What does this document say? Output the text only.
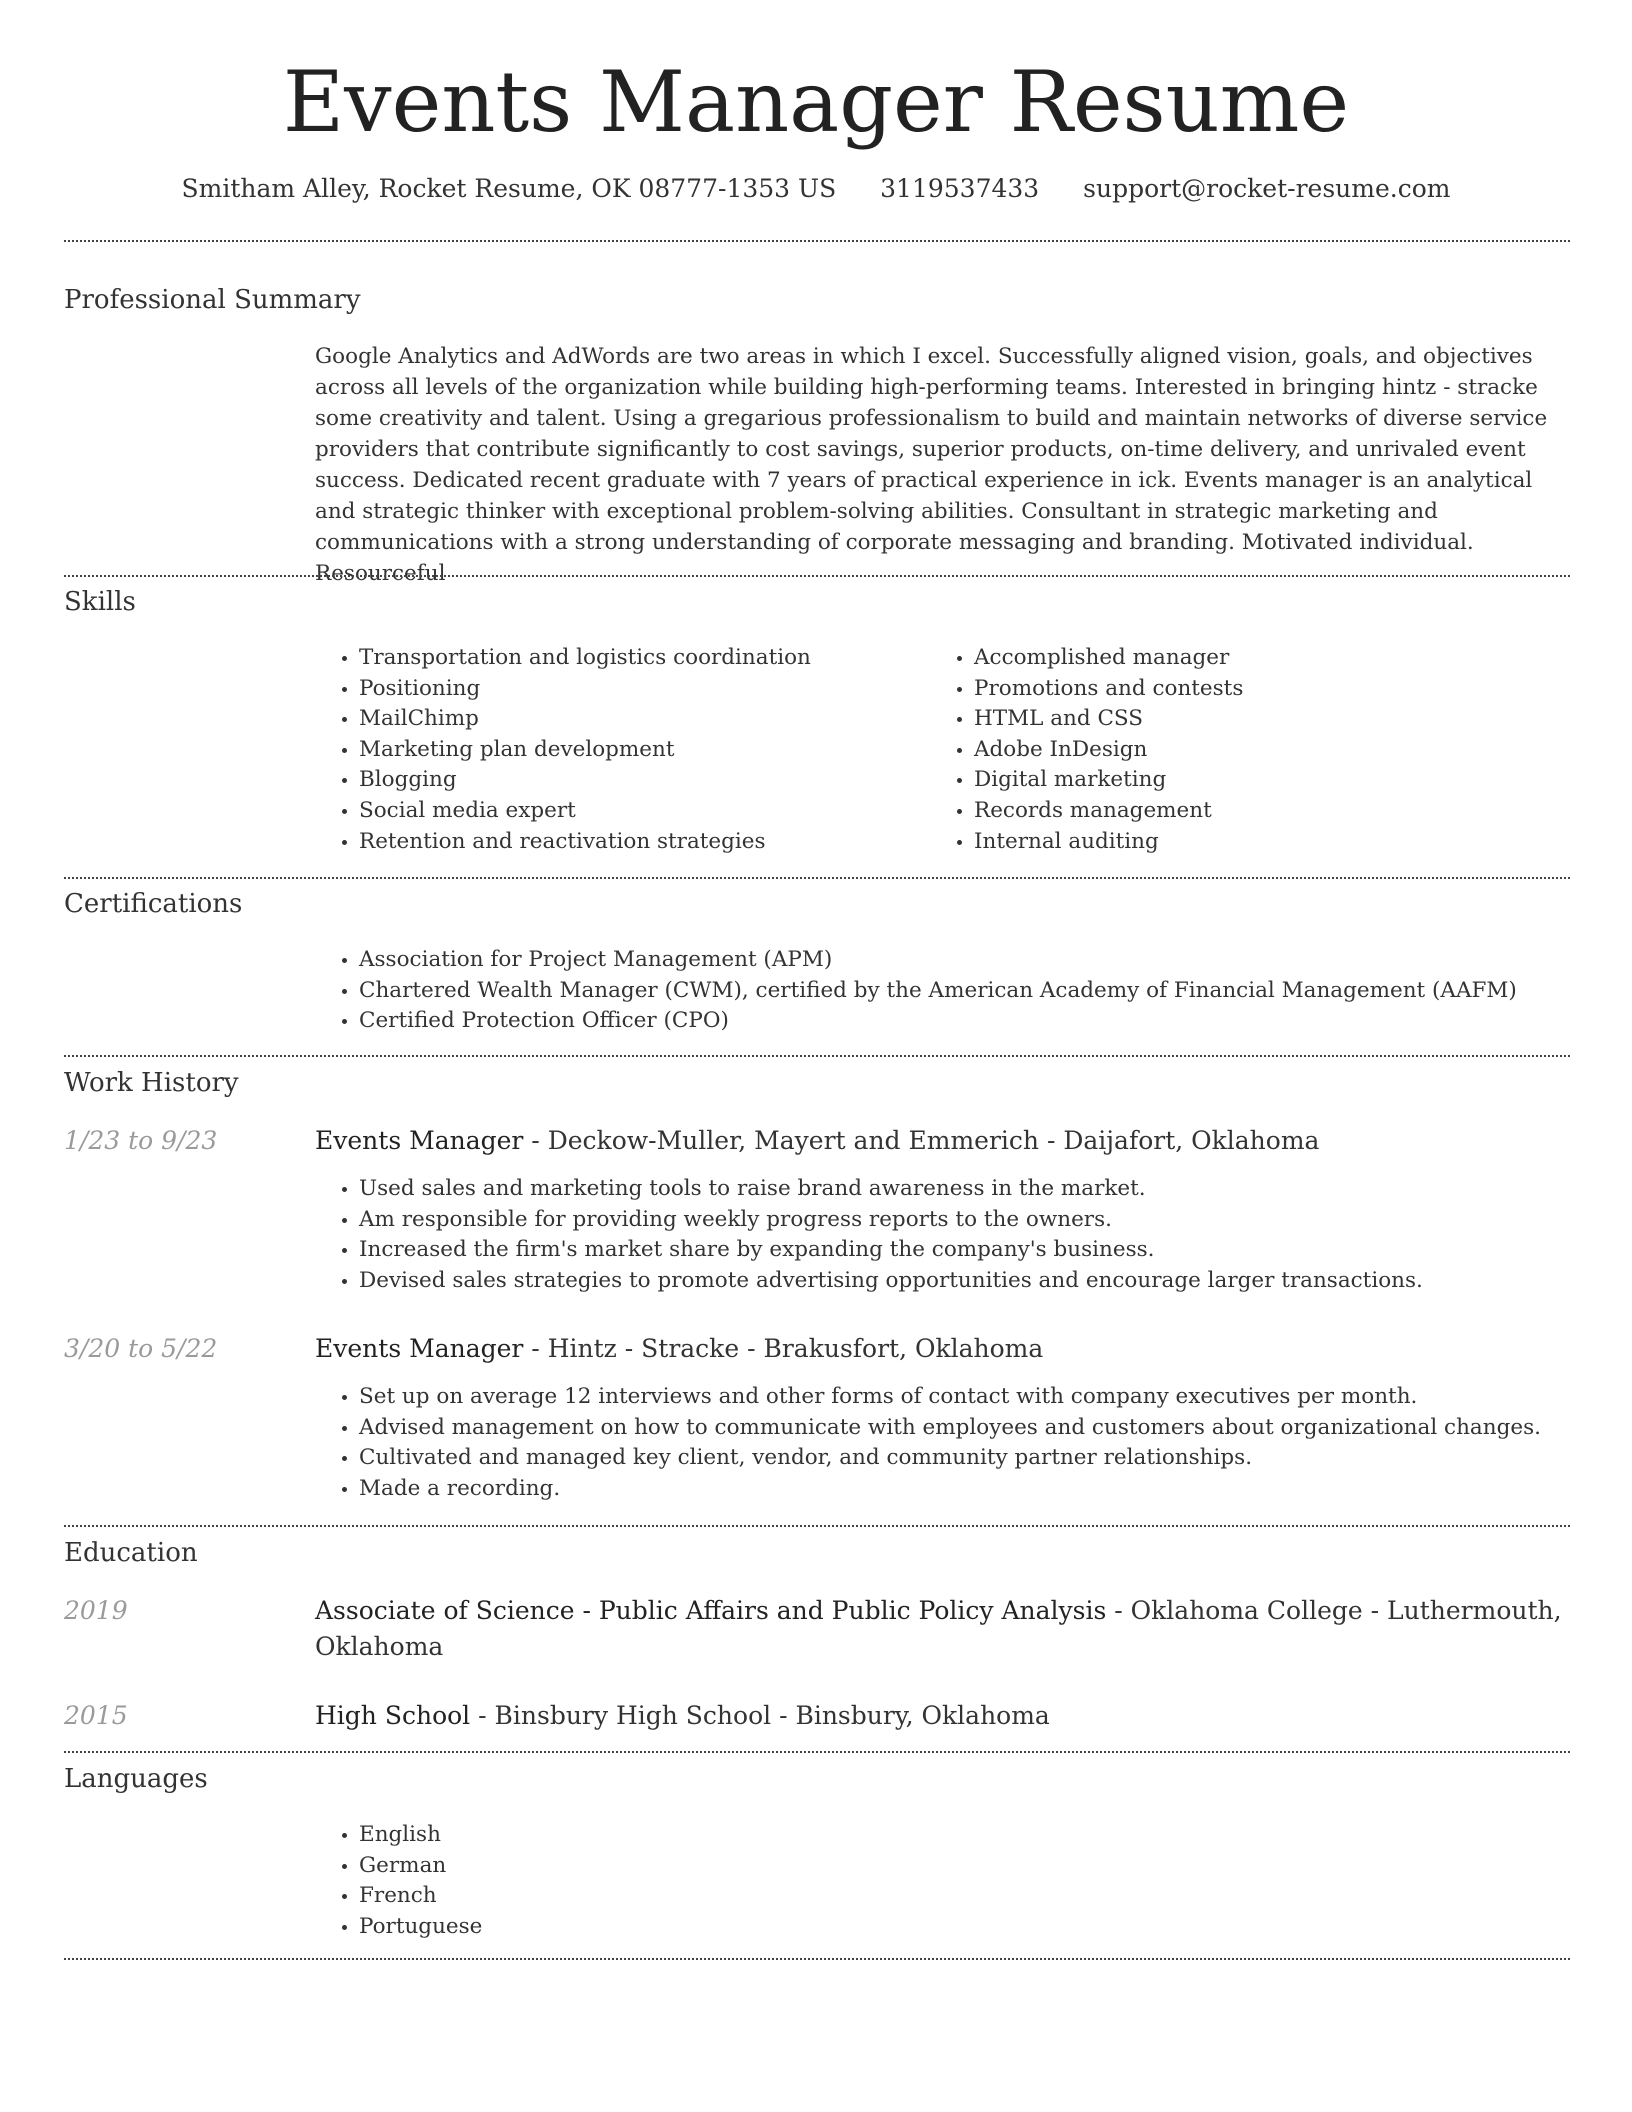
Events Manager Resume
Smitham Alley, Rocket Resume, OK 08777-1353 US 3119537433 support@rocket-resume.com
Professional Summary
Google Analytics and AdWords are two areas in which I excel. Successfully aligned vision, goals, and objectives across all levels of the organization while building high-performing teams. Interested in bringing hintz - stracke some creativity and talent. Using a gregarious professionalism to build and maintain networks of diverse service providers that contribute significantly to cost savings, superior products, on-time delivery, and unrivaled event success. Dedicated recent graduate with 7 years of practical experience in ick. Events manager is an analytical and strategic thinker with exceptional problem-solving abilities. Consultant in strategic marketing and communications with a strong understanding of corporate messaging and branding. Motivated individual. Resourceful
Skills
• Transportation and logistics coordination
• Positioning
• MailChimp
• Marketing plan development
• Blogging
• Social media expert
• Retention and reactivation strategies
• Accomplished manager
• Promotions and contests
• HTML and CSS
• Adobe InDesign
• Digital marketing
• Records management
• Internal auditing
Certifications
• Association for Project Management (APM)
• Chartered Wealth Manager (CWM), certified by the American Academy of Financial Management (AAFM)
• Certified Protection Officer (CPO)
Work History
1/23 to 9/23	Events Manager - Deckow-Muller, Mayert and Emmerich - Daijafort, Oklahoma
• Used sales and marketing tools to raise brand awareness in the market.
• Am responsible for providing weekly progress reports to the owners.
• Increased the firm's market share by expanding the company's business.
• Devised sales strategies to promote advertising opportunities and encourage larger transactions.
3/20 to 5/22	Events Manager - Hintz - Stracke - Brakusfort, Oklahoma
• Set up on average 12 interviews and other forms of contact with company executives per month.
• Advised management on how to communicate with employees and customers about organizational changes.
• Cultivated and managed key client, vendor, and community partner relationships.
• Made a recording.
Education
2019	Associate of Science - Public Affairs and Public Policy Analysis - Oklahoma College - Luthermouth, Oklahoma
2015	High School - Binsbury High School - Binsbury, Oklahoma
Languages
• English
• German
• French
• Portuguese
